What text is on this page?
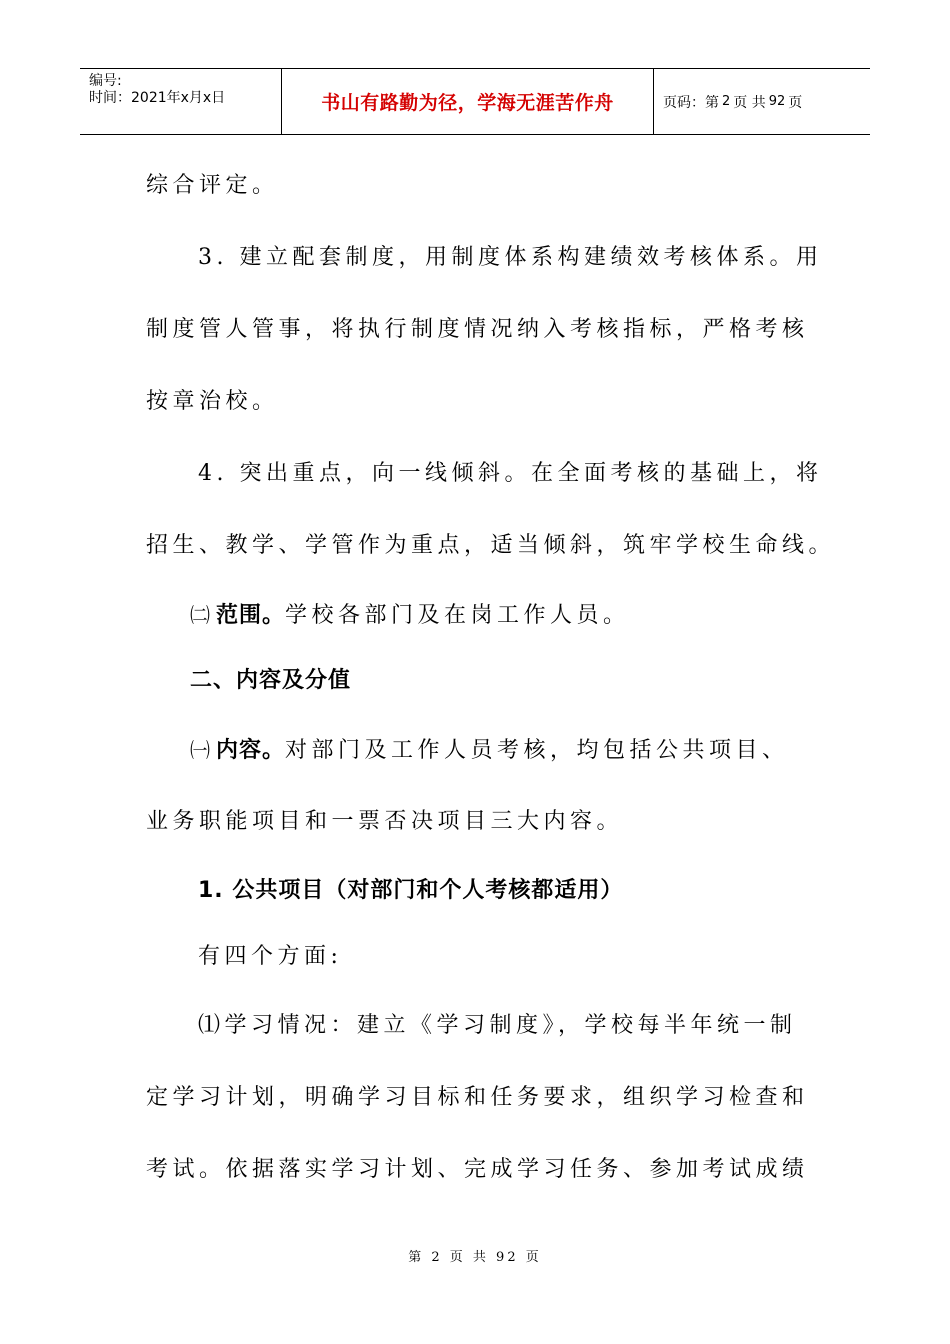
编号:
时间：2021年x月x日	书山有路勤为径，学海无涯苦作舟	页码：第 2 页 共 92 页
综合评定。
3. 建立配套制度，用制度体系构建绩效考核体系。用
制度管人管事，将执行制度情况纳入考核指标，严格考核
按章治校。
4. 突出重点，向一线倾斜。在全面考核的基础上，将
招生、教学、学管作为重点，适当倾斜，筑牢学校生命线。
㈡ 范围。学校各部门及在岗工作人员。
二、内容及分值
㈠ 内容。对部门及工作人员考核，均包括公共项目、
业务职能项目和一票否决项目三大内容。
1. 公共项目（对部门和个人考核都适用）
有四个方面:
⑴学习情况：建立《学习制度》，学校每半年统一制
定学习计划，明确学习目标和任务要求，组织学习检查和
考试。依据落实学习计划、完成学习任务、参加考试成绩
第 2 页 共 92 页
